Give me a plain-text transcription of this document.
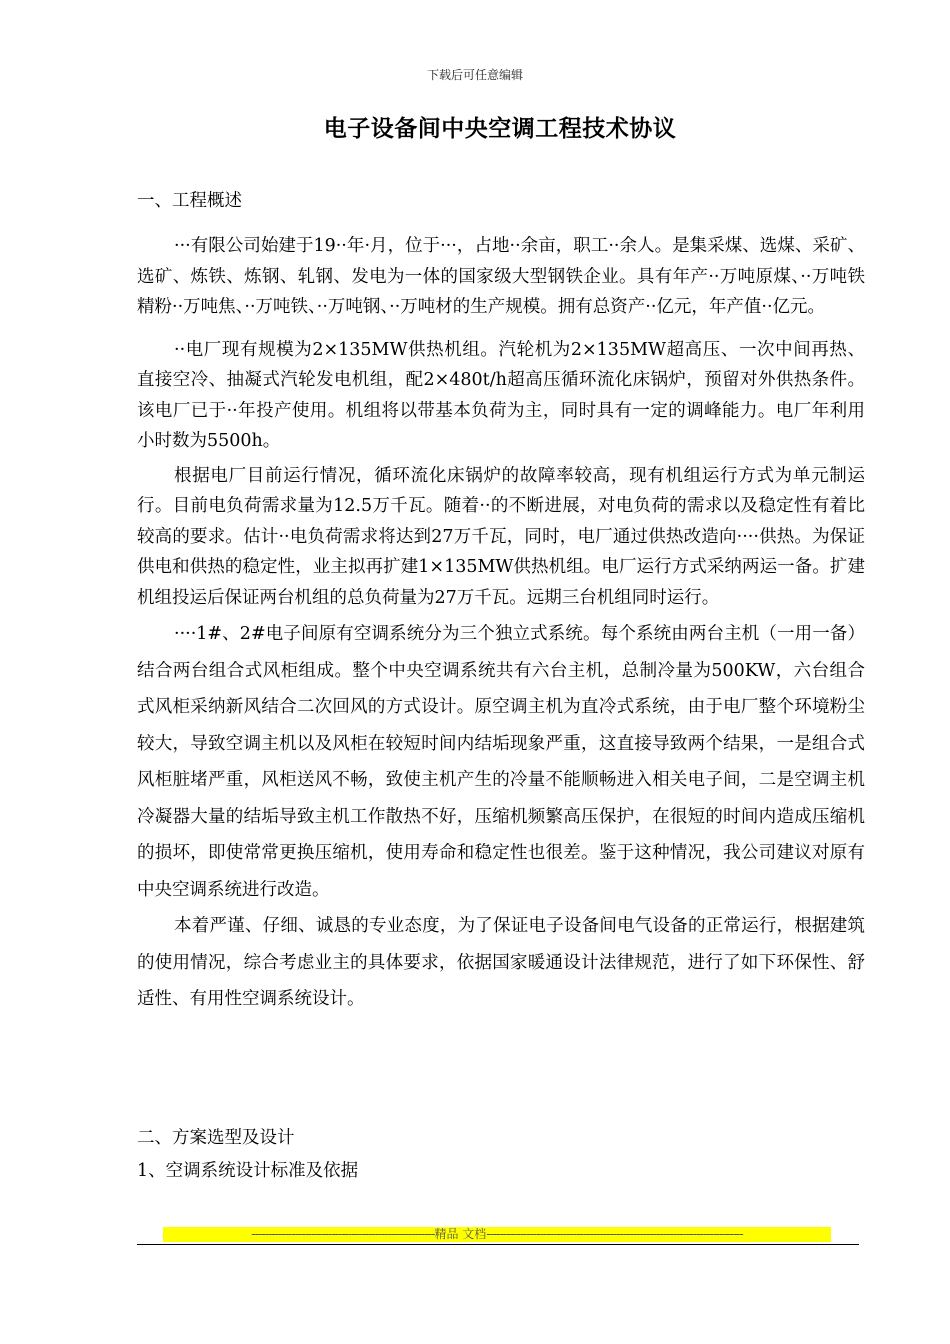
下载后可任意编辑
电子设备间中央空调工程技术协议

一、工程概述

···有限公司始建于19··年·月，位于···，占地··余亩，职工··余人。是集采煤、选煤、采矿、选矿、炼铁、炼钢、轧钢、发电为一体的国家级大型钢铁企业。具有年产··万吨原煤、··万吨铁精粉··万吨焦、··万吨铁、··万吨钢、··万吨材的生产规模。拥有总资产··亿元，年产值··亿元。

··电厂现有规模为2×135MW供热机组。汽轮机为2×135MW超高压、一次中间再热、直接空冷、抽凝式汽轮发电机组，配2×480t/h超高压循环流化床锅炉，预留对外供热条件。该电厂已于··年投产使用。机组将以带基本负荷为主，同时具有一定的调峰能力。电厂年利用小时数为5500h。

根据电厂目前运行情况，循环流化床锅炉的故障率较高，现有机组运行方式为单元制运行。目前电负荷需求量为12.5万千瓦。随着··的不断进展，对电负荷的需求以及稳定性有着比较高的要求。估计··电负荷需求将达到27万千瓦，同时，电厂通过供热改造向····供热。为保证供电和供热的稳定性，业主拟再扩建1×135MW供热机组。电厂运行方式采纳两运一备。扩建机组投运后保证两台机组的总负荷量为27万千瓦。远期三台机组同时运行。

····1#、2#电子间原有空调系统分为三个独立式系统。每个系统由两台主机（一用一备）结合两台组合式风柜组成。整个中央空调系统共有六台主机，总制冷量为500KW，六台组合式风柜采纳新风结合二次回风的方式设计。原空调主机为直冷式系统，由于电厂整个环境粉尘较大，导致空调主机以及风柜在较短时间内结垢现象严重，这直接导致两个结果，一是组合式风柜脏堵严重，风柜送风不畅，致使主机产生的冷量不能顺畅进入相关电子间，二是空调主机冷凝器大量的结垢导致主机工作散热不好，压缩机频繁高压保护，在很短的时间内造成压缩机的损坏，即使常常更换压缩机，使用寿命和稳定性也很差。鉴于这种情况，我公司建议对原有中央空调系统进行改造。

本着严谨、仔细、诚恳的专业态度，为了保证电子设备间电气设备的正常运行，根据建筑的使用情况，综合考虑业主的具体要求，依据国家暖通设计法律规范，进行了如下环保性、舒适性、有用性空调系统设计。

二、方案选型及设计

1、空调系统设计标准及依据

-------------------------------------------------------精品 文档-----------------------------------------------------------------------------
